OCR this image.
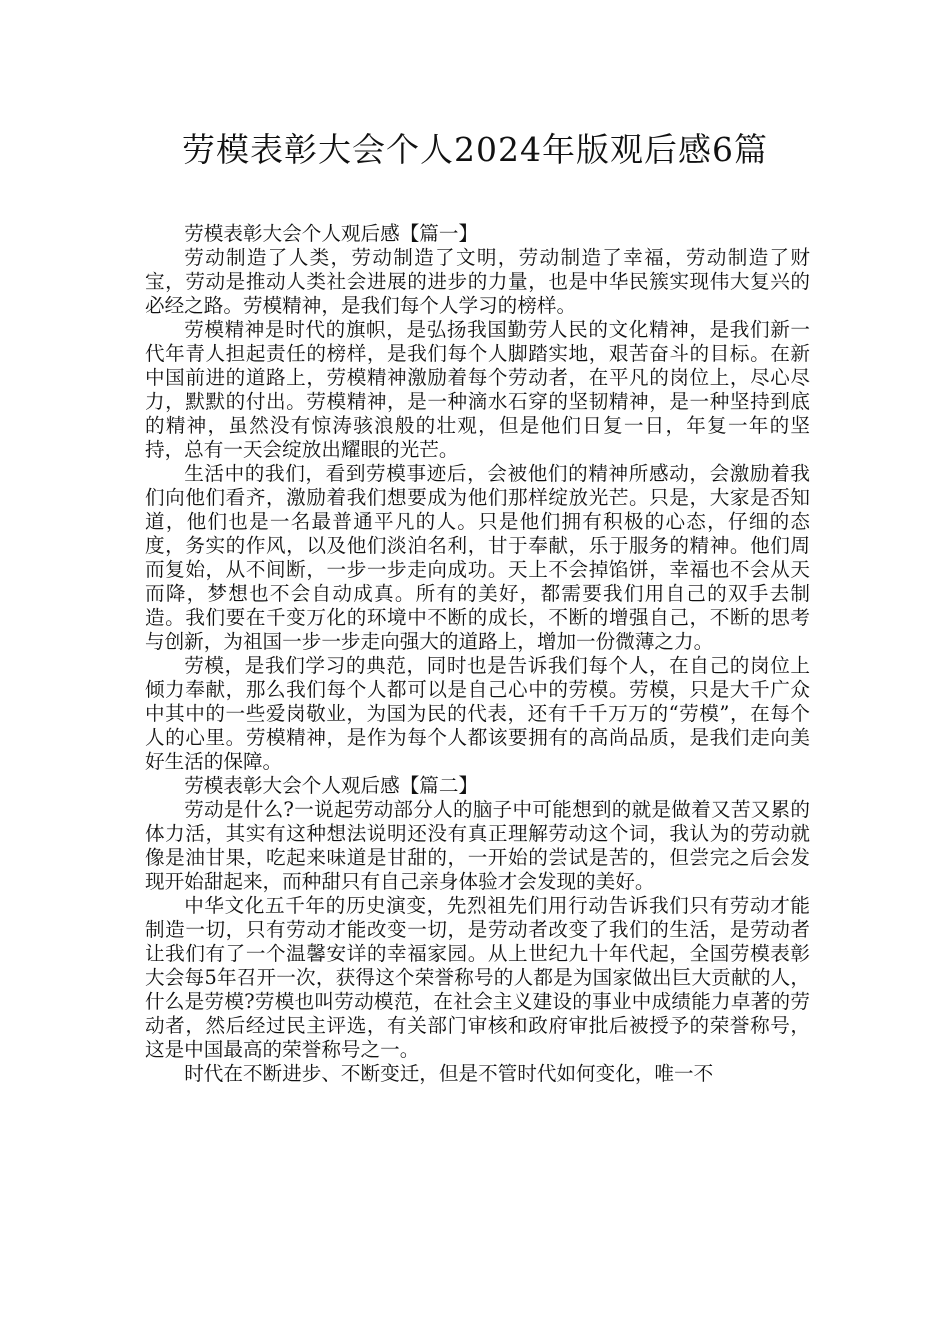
劳模表彰大会个人2024年版观后感6篇

劳模表彰大会个人观后感【篇一】

劳动制造了人类，劳动制造了文明，劳动制造了幸福，劳动制造了财宝，劳动是推动人类社会进展的进步的力量，也是中华民簇实现伟大复兴的必经之路。劳模精神，是我们每个人学习的榜样。

劳模精神是时代的旗帜，是弘扬我国勤劳人民的文化精神，是我们新一代年青人担起责任的榜样，是我们每个人脚踏实地，艰苦奋斗的目标。在新中国前进的道路上，劳模精神激励着每个劳动者，在平凡的岗位上，尽心尽力，默默的付出。劳模精神，是一种滴水石穿的坚韧精神，是一种坚持到底的精神，虽然没有惊涛骇浪般的壮观，但是他们日复一日，年复一年的坚持，总有一天会绽放出耀眼的光芒。

生活中的我们，看到劳模事迹后，会被他们的精神所感动，会激励着我们向他们看齐，激励着我们想要成为他们那样绽放光芒。只是，大家是否知道，他们也是一名最普通平凡的人。只是他们拥有积极的心态，仔细的态度，务实的作风，以及他们淡泊名利，甘于奉献，乐于服务的精神。他们周而复始，从不间断，一步一步走向成功。天上不会掉馅饼，幸福也不会从天而降，梦想也不会自动成真。所有的美好，都需要我们用自己的双手去制造。我们要在千变万化的环境中不断的成长，不断的增强自己，不断的思考与创新，为祖国一步一步走向强大的道路上，增加一份微薄之力。

劳模，是我们学习的典范，同时也是告诉我们每个人，在自己的岗位上倾力奉献，那么我们每个人都可以是自己心中的劳模。劳模，只是大千广众中其中的一些爱岗敬业，为国为民的代表，还有千千万万的“劳模”，在每个人的心里。劳模精神，是作为每个人都该要拥有的高尚品质，是我们走向美好生活的保障。

劳模表彰大会个人观后感【篇二】

劳动是什么?一说起劳动部分人的脑子中可能想到的就是做着又苦又累的体力活，其实有这种想法说明还没有真正理解劳动这个词，我认为的劳动就像是油甘果，吃起来味道是甘甜的，一开始的尝试是苦的，但尝完之后会发现开始甜起来，而种甜只有自己亲身体验才会发现的美好。

中华文化五千年的历史演变，先烈祖先们用行动告诉我们只有劳动才能制造一切，只有劳动才能改变一切，是劳动者改变了我们的生活，是劳动者让我们有了一个温馨安详的幸福家园。从上世纪九十年代起，全国劳模表彰大会每5年召开一次，获得这个荣誉称号的人都是为国家做出巨大贡献的人，什么是劳模?劳模也叫劳动模范，在社会主义建设的事业中成绩能力卓著的劳动者，然后经过民主评选，有关部门审核和政府审批后被授予的荣誉称号，这是中国最高的荣誉称号之一。

时代在不断进步、不断变迁，但是不管时代如何变化，唯一不
